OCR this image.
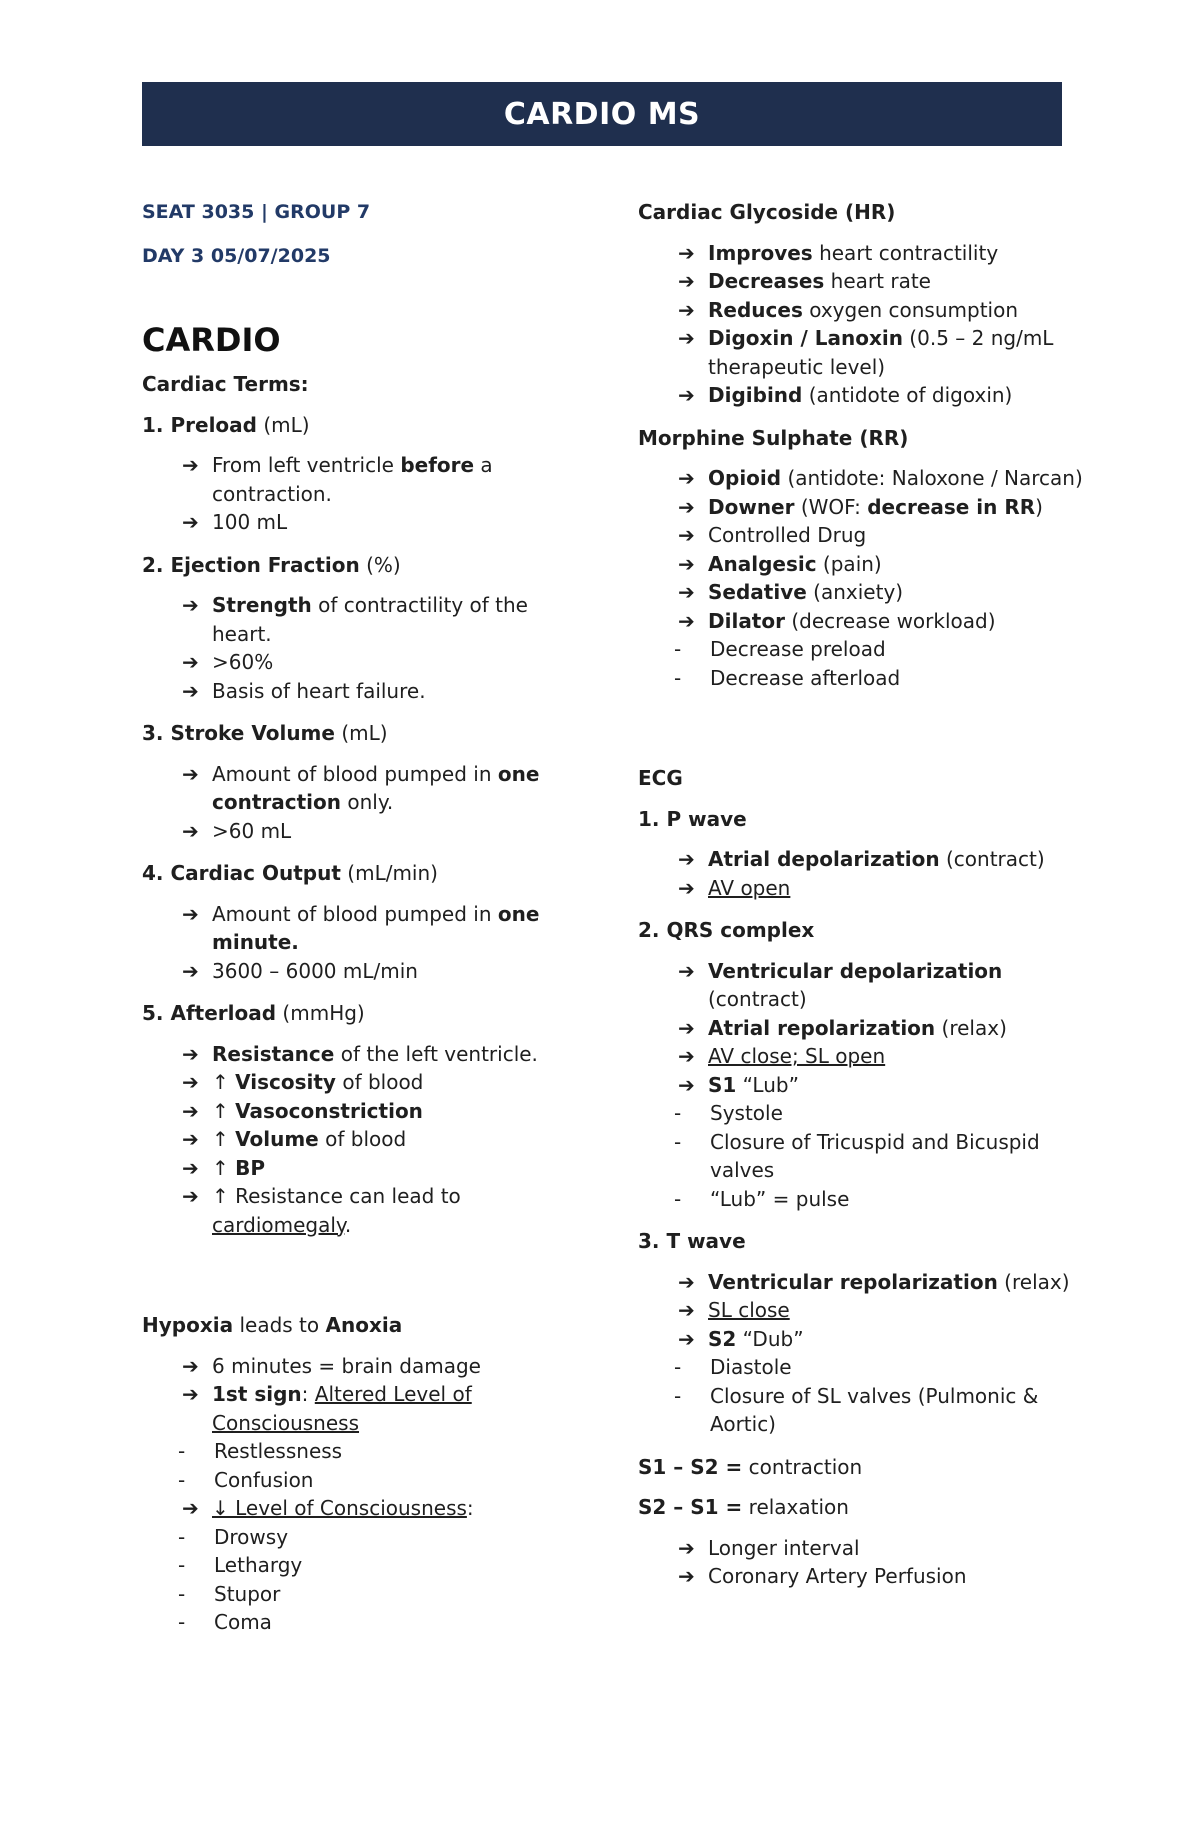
CARDIO MS
SEAT 3035 | GROUP 7
DAY 3 05/07/2025
CARDIO
Cardiac Terms:
1. Preload (mL)
➔ From left ventricle before a contraction.
➔ 100 mL
2. Ejection Fraction (%)
➔ Strength of contractility of the heart.
➔ >60%
➔ Basis of heart failure.
3. Stroke Volume (mL)
➔ Amount of blood pumped in one contraction only.
➔ >60 mL
4. Cardiac Output (mL/min)
➔ Amount of blood pumped in one minute.
➔ 3600 – 6000 mL/min
5. Afterload (mmHg)
➔ Resistance of the left ventricle.
➔ ↑ Viscosity of blood
➔ ↑ Vasoconstriction
➔ ↑ Volume of blood
➔ ↑ BP
➔ ↑ Resistance can lead to cardiomegaly.
Hypoxia leads to Anoxia
➔ 6 minutes = brain damage
➔ 1st sign: Altered Level of Consciousness
- Restlessness
- Confusion
➔ ↓ Level of Consciousness:
- Drowsy
- Lethargy
- Stupor
- Coma
Cardiac Glycoside (HR)
➔ Improves heart contractility
➔ Decreases heart rate
➔ Reduces oxygen consumption
➔ Digoxin / Lanoxin (0.5 – 2 ng/mL therapeutic level)
➔ Digibind (antidote of digoxin)
Morphine Sulphate (RR)
➔ Opioid (antidote: Naloxone / Narcan)
➔ Downer (WOF: decrease in RR)
➔ Controlled Drug
➔ Analgesic (pain)
➔ Sedative (anxiety)
➔ Dilator (decrease workload)
- Decrease preload
- Decrease afterload
ECG
1. P wave
➔ Atrial depolarization (contract)
➔ AV open
2. QRS complex
➔ Ventricular depolarization (contract)
➔ Atrial repolarization (relax)
➔ AV close; SL open
➔ S1 “Lub”
- Systole
- Closure of Tricuspid and Bicuspid valves
- “Lub” = pulse
3. T wave
➔ Ventricular repolarization (relax)
➔ SL close
➔ S2 “Dub”
- Diastole
- Closure of SL valves (Pulmonic & Aortic)
S1 – S2 = contraction
S2 – S1 = relaxation
➔ Longer interval
➔ Coronary Artery Perfusion
